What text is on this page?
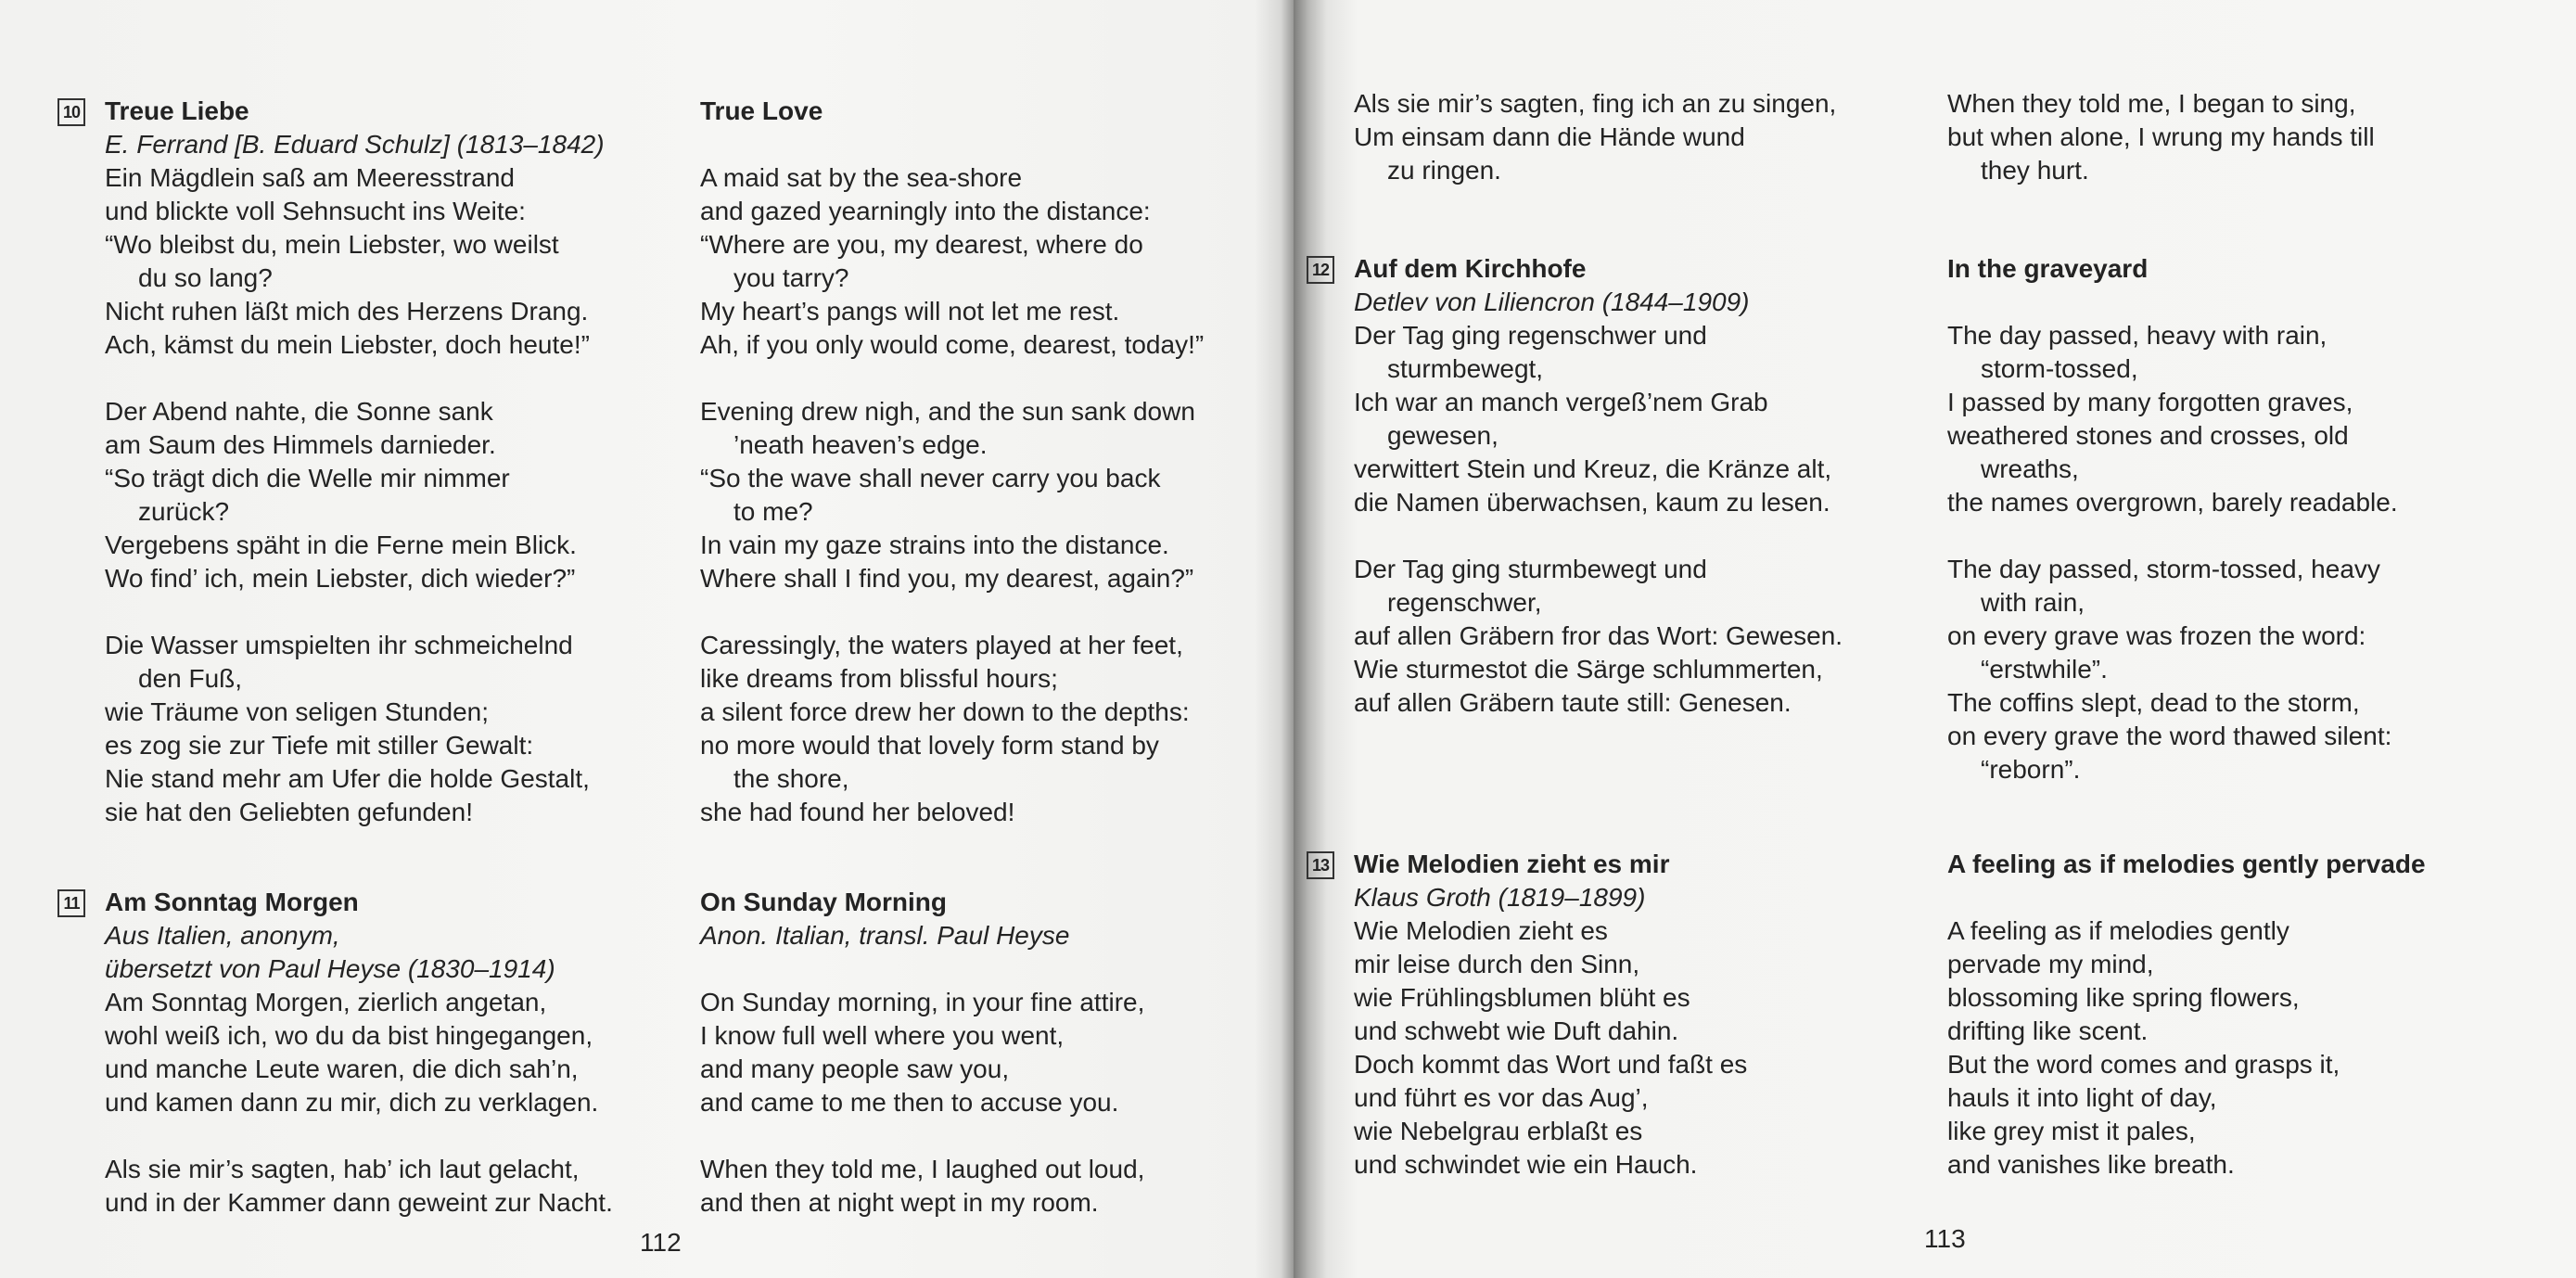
112
10 Treue Liebe
E. Ferrand [B. Eduard Schulz] (1813–1842)
Ein Mägdlein saß am Meeresstrand
und blickte voll Sehnsucht ins Weite:
“Wo bleibst du, mein Liebster, wo weilst
du so lang?
Nicht ruhen läßt mich des Herzens Drang.
Ach, kämst du mein Liebster, doch heute!”
Der Abend nahte, die Sonne sank
am Saum des Himmels darnieder.
“So trägt dich die Welle mir nimmer
zurück?
Vergebens späht in die Ferne mein Blick.
Wo find’ ich, mein Liebster, dich wieder?”
Die Wasser umspielten ihr schmeichelnd
den Fuß,
wie Träume von seligen Stunden;
es zog sie zur Tiefe mit stiller Gewalt:
Nie stand mehr am Ufer die holde Gestalt,
sie hat den Geliebten gefunden!
True Love
A maid sat by the sea-shore
and gazed yearningly into the distance:
“Where are you, my dearest, where do
you tarry?
My heart’s pangs will not let me rest.
Ah, if you only would come, dearest, today!”
Evening drew nigh, and the sun sank down
’neath heaven’s edge.
“So the wave shall never carry you back
to me?
In vain my gaze strains into the distance.
Where shall I find you, my dearest, again?”
Caressingly, the waters played at her feet,
like dreams from blissful hours;
a silent force drew her down to the depths:
no more would that lovely form stand by
the shore,
she had found her beloved!
11 Am Sonntag Morgen
Aus Italien, anonym,
übersetzt von Paul Heyse (1830–1914)
Am Sonntag Morgen, zierlich angetan,
wohl weiß ich, wo du da bist hingegangen,
und manche Leute waren, die dich sah’n,
und kamen dann zu mir, dich zu verklagen.
Als sie mir’s sagten, hab’ ich laut gelacht,
und in der Kammer dann geweint zur Nacht.
On Sunday Morning
Anon. Italian, transl. Paul Heyse
On Sunday morning, in your fine attire,
I know full well where you went,
and many people saw you,
and came to me then to accuse you.
When they told me, I laughed out loud,
and then at night wept in my room.
113
Als sie mir’s sagten, fing ich an zu singen,
Um einsam dann die Hände wund
zu ringen.
When they told me, I began to sing,
but when alone, I wrung my hands till
they hurt.
12 Auf dem Kirchhofe
Detlev von Liliencron (1844–1909)
Der Tag ging regenschwer und
sturmbewegt,
Ich war an manch vergeß’nem Grab
gewesen,
verwittert Stein und Kreuz, die Kränze alt,
die Namen überwachsen, kaum zu lesen.
Der Tag ging sturmbewegt und
regenschwer,
auf allen Gräbern fror das Wort: Gewesen.
Wie sturmestot die Särge schlummerten,
auf allen Gräbern taute still: Genesen.
In the graveyard
The day passed, heavy with rain,
storm-tossed,
I passed by many forgotten graves,
weathered stones and crosses, old
wreaths,
the names overgrown, barely readable.
The day passed, storm-tossed, heavy
with rain,
on every grave was frozen the word:
“erstwhile”.
The coffins slept, dead to the storm,
on every grave the word thawed silent:
“reborn”.
13 Wie Melodien zieht es mir
Klaus Groth (1819–1899)
Wie Melodien zieht es
mir leise durch den Sinn,
wie Frühlingsblumen blüht es
und schwebt wie Duft dahin.
Doch kommt das Wort und faßt es
und führt es vor das Aug’,
wie Nebelgrau erblaßt es
und schwindet wie ein Hauch.
A feeling as if melodies gently pervade
A feeling as if melodies gently
pervade my mind,
blossoming like spring flowers,
drifting like scent.
But the word comes and grasps it,
hauls it into light of day,
like grey mist it pales,
and vanishes like breath.
